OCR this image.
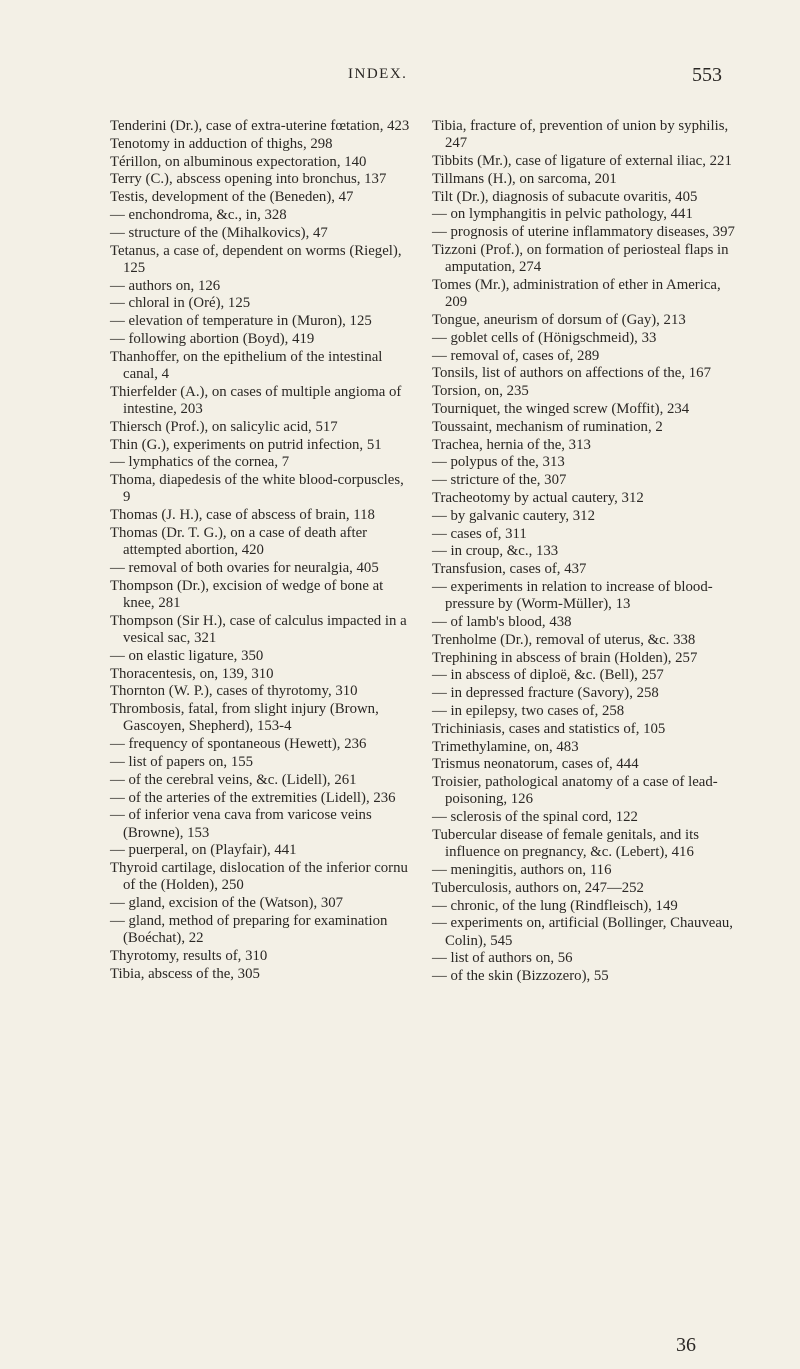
INDEX.	553

Tenderini (Dr.), case of extra-uterine fœtation, 423

Tenotomy in adduction of thighs, 298

Térillon, on albuminous expectoration, 140

Terry (C.), abscess opening into bronchus, 137

Testis, development of the (Beneden), 47

— enchondroma, &c., in, 328

— structure of the (Mihalkovics), 47

Tetanus, a case of, dependent on worms (Riegel), 125

— authors on, 126

— chloral in (Oré), 125

— elevation of temperature in (Muron), 125

— following abortion (Boyd), 419

Thanhoffer, on the epithelium of the intestinal canal, 4

Thierfelder (A.), on cases of multiple angioma of intestine, 203

Thiersch (Prof.), on salicylic acid, 517

Thin (G.), experiments on putrid infection, 51

— lymphatics of the cornea, 7

Thoma, diapedesis of the white blood-corpuscles, 9

Thomas (J. H.), case of abscess of brain, 118

Thomas (Dr. T. G.), on a case of death after attempted abortion, 420

— removal of both ovaries for neuralgia, 405

Thompson (Dr.), excision of wedge of bone at knee, 281

Thompson (Sir H.), case of calculus impacted in a vesical sac, 321

— on elastic ligature, 350

Thoracentesis, on, 139, 310

Thornton (W. P.), cases of thyrotomy, 310

Thrombosis, fatal, from slight injury (Brown, Gascoyen, Shepherd), 153-4

— frequency of spontaneous (Hewett), 236

— list of papers on, 155

— of the cerebral veins, &c. (Lidell), 261

— of the arteries of the extremities (Lidell), 236

— of inferior vena cava from varicose veins (Browne), 153

— puerperal, on (Playfair), 441

Thyroid cartilage, dislocation of the inferior cornu of the (Holden), 250

— gland, excision of the (Watson), 307

— gland, method of preparing for examination (Boéchat), 22

Thyrotomy, results of, 310

Tibia, abscess of the, 305

Tibia, fracture of, prevention of union by syphilis, 247

Tibbits (Mr.), case of ligature of external iliac, 221

Tillmans (H.), on sarcoma, 201

Tilt (Dr.), diagnosis of subacute ovaritis, 405

— on lymphangitis in pelvic pathology, 441

— prognosis of uterine inflammatory diseases, 397

Tizzoni (Prof.), on formation of periosteal flaps in amputation, 274

Tomes (Mr.), administration of ether in America, 209

Tongue, aneurism of dorsum of (Gay), 213

— goblet cells of (Hönigschmeid), 33

— removal of, cases of, 289

Tonsils, list of authors on affections of the, 167

Torsion, on, 235

Tourniquet, the winged screw (Moffit), 234

Toussaint, mechanism of rumination, 2

Trachea, hernia of the, 313

— polypus of the, 313

— stricture of the, 307

Tracheotomy by actual cautery, 312

— by galvanic cautery, 312

— cases of, 311

— in croup, &c., 133

Transfusion, cases of, 437

— experiments in relation to increase of blood-pressure by (Worm-Müller), 13

— of lamb's blood, 438

Trenholme (Dr.), removal of uterus, &c. 338

Trephining in abscess of brain (Holden), 257

— in abscess of diploë, &c. (Bell), 257

— in depressed fracture (Savory), 258

— in epilepsy, two cases of, 258

Trichiniasis, cases and statistics of, 105

Trimethylamine, on, 483

Trismus neonatorum, cases of, 444

Troisier, pathological anatomy of a case of lead-poisoning, 126

— sclerosis of the spinal cord, 122

Tubercular disease of female genitals, and its influence on pregnancy, &c. (Lebert), 416

— meningitis, authors on, 116

Tuberculosis, authors on, 247—252

— chronic, of the lung (Rindfleisch), 149

— experiments on, artificial (Bollinger, Chauveau, Colin), 545

— list of authors on, 56

— of the skin (Bizzozero), 55

36
